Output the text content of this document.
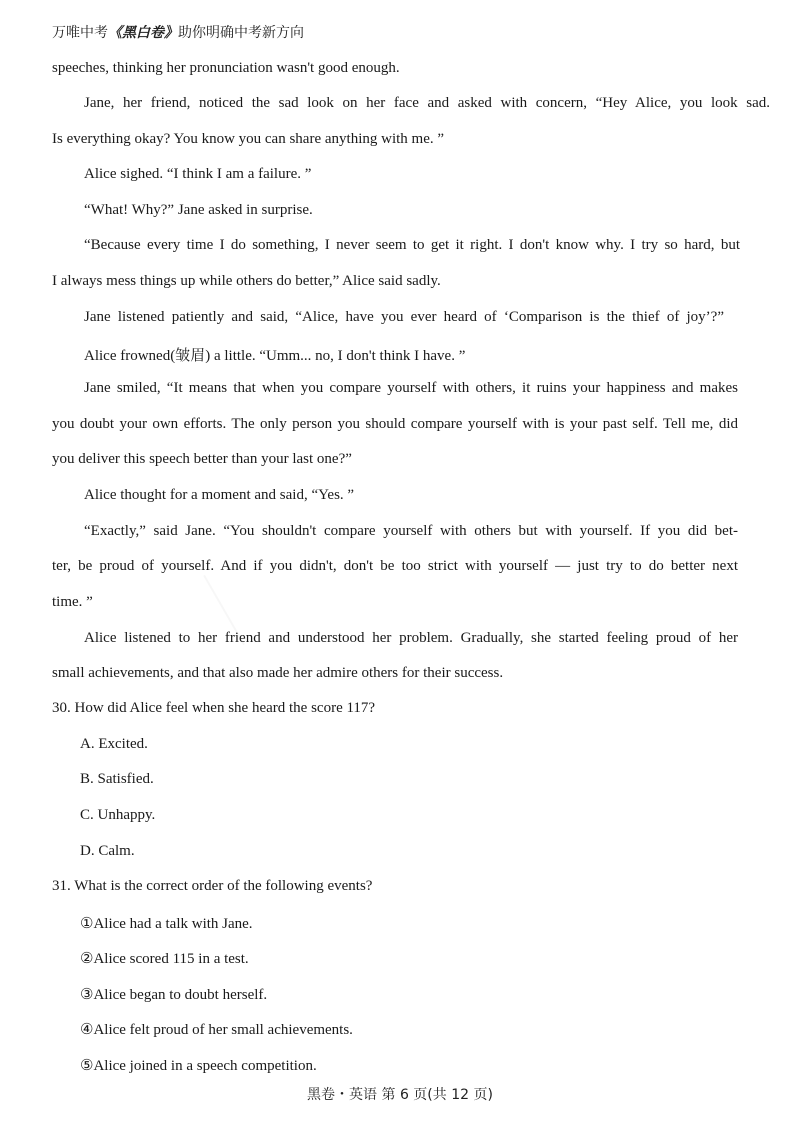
万唯中考《黑白卷》助你明确中考新方向
speeches, thinking her pronunciation wasn't good enough.
Jane, her friend, noticed the sad look on her face and asked with concern, “Hey Alice, you look sad.
Is everything okay? You know you can share anything with me. ”
Alice sighed. “I think I am a failure. ”
“What! Why?” Jane asked in surprise.
“Because every time I do something, I never seem to get it right. I don't know why. I try so hard, but
I always mess things up while others do better,” Alice said sadly.
Jane listened patiently and said, “Alice, have you ever heard of ‘Comparison is the thief of joy’?”
Alice frowned(皱眉) a little. “Umm... no, I don't think I have. ”
Jane smiled, “It means that when you compare yourself with others, it ruins your happiness and makes
you doubt your own efforts. The only person you should compare yourself with is your past self. Tell me, did
you deliver this speech better than your last one?”
Alice thought for a moment and said, “Yes. ”
“Exactly,” said Jane. “You shouldn't compare yourself with others but with yourself. If you did bet-
ter, be proud of yourself. And if you didn't, don't be too strict with yourself — just try to do better next
time. ”
Alice listened to her friend and understood her problem. Gradually, she started feeling proud of her
small achievements, and that also made her admire others for their success.
30. How did Alice feel when she heard the score 117?
A. Excited.
B. Satisfied.
C. Unhappy.
D. Calm.
31. What is the correct order of the following events?
①Alice had a talk with Jane.
②Alice scored 115 in a test.
③Alice began to doubt herself.
④Alice felt proud of her small achievements.
⑤Alice joined in a speech competition.
黑卷・英语 第 6 页(共 12 页)
